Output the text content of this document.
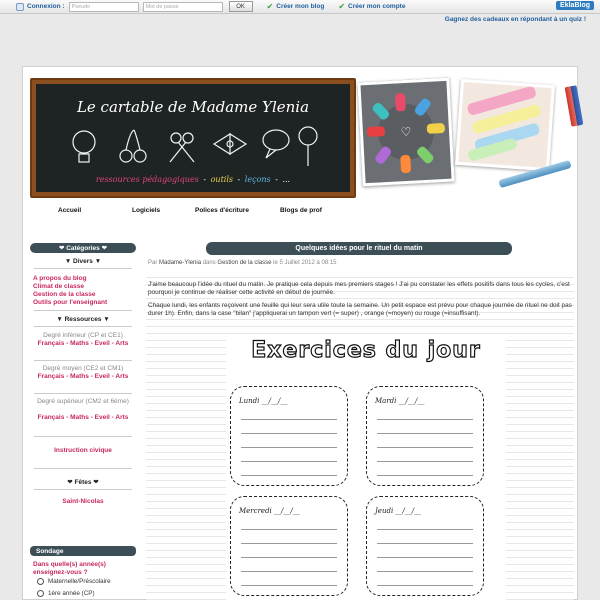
Connexion :	Pseudo	Mot de passe	OK	✔ Créer mon blog ✔ Créer mon compte	EklaBlog
Gagnez des cadeaux en répondant à un quiz !
Le cartable de Madame Ylenia
ressources pédagogiques - outils - leçons - ...
♡
Accueil	Logiciels	Polices d'écriture	Blogs de prof
❤ Catégories ❤
▼ Divers ▼
A propos du blog
Climat de classe
Gestion de la classe
Outils pour l'enseignant
▼ Ressources ▼
Degré inférieur (CP et CE1)
Français - Maths - Eveil - Arts
Degré moyen (CE2 et CM1)
Français - Maths - Eveil - Arts
Degré supérieur (CM2 et 6ème)
Français - Maths - Eveil - Arts
Instruction civique
❤ Fêtes ❤
Saint-Nicolas
Sondage
Dans quelle(s) année(s) enseignez-vous ?
Maternelle/Préscolaire
1ère année (CP)
Quelques idées pour le rituel du matin
Par Madame-Ylenia dans Gestion de la classe le 5 Juillet 2012 à 08:15
J'aime beaucoup l'idée du rituel du matin. Je pratique cela depuis mes premiers stages ! J'ai pu constater les effets positifs dans tous les cycles, c'est pourquoi je continue de réaliser cette activité en début de journée.
Chaque lundi, les enfants reçoivent une feuille qui leur sera utile toute la semaine. Un petit espace est prévu pour chaque journée de rituel ne doit pas durer 1h). Enfin, dans la case "bilan" j'appliquerai un tampon vert (= super) , orange (=moyen) ou rouge (=insuffisant).
Exercices du jour
Lundi __/__/__	Mardi __/__/__
Mercredi __/__/__	Jeudi __/__/__
